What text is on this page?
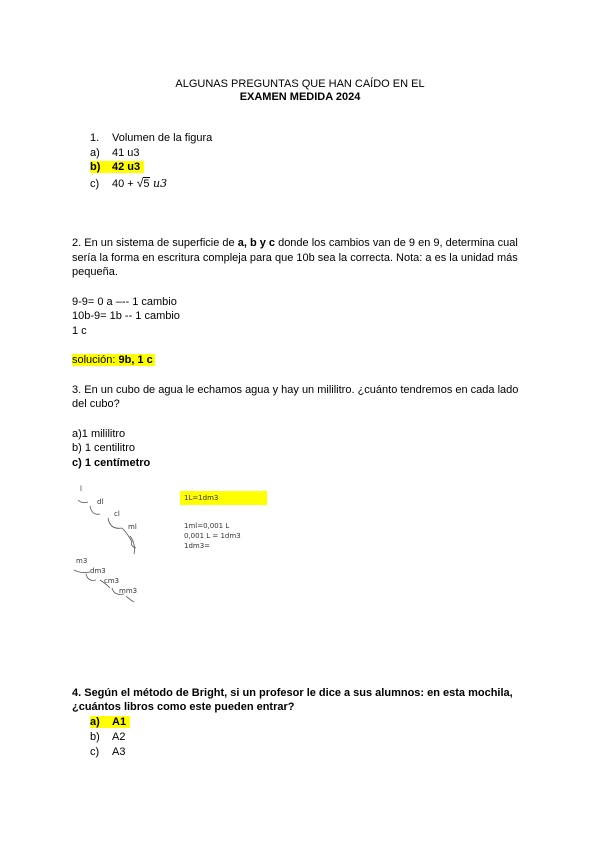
ALGUNAS PREGUNTAS QUE HAN CAÍDO EN EL
EXAMEN MEDIDA 2024
1. Volumen de la figura
a) 41 u3
b) 42 u3
c) 40 + √5 u3
2. En un sistema de superficie de a, b y c donde los cambios van de 9 en 9, determina cual
sería la forma en escritura compleja para que 10b sea la correcta. Nota: a es la unidad más
pequeña.
9-9= 0 a –-- 1 cambio
10b-9= 1b -- 1 cambio
1 c
solución: 9b, 1 c
3. En un cubo de agua le echamos agua y hay un mililitro. ¿cuánto tendremos en cada lado
del cubo?
a)1 mililitro
b) 1 centilitro
c) 1 centímetro
l
dl
cl
ml
1L=1dm3
1ml=0,001 L
0,001 L = 1dm3
1dm3=
m3
dm3
cm3
mm3
4. Según el método de Bright, si un profesor le dice a sus alumnos: en esta mochila,
¿cuántos libros como este pueden entrar?
a) A1
b) A2
c) A3
